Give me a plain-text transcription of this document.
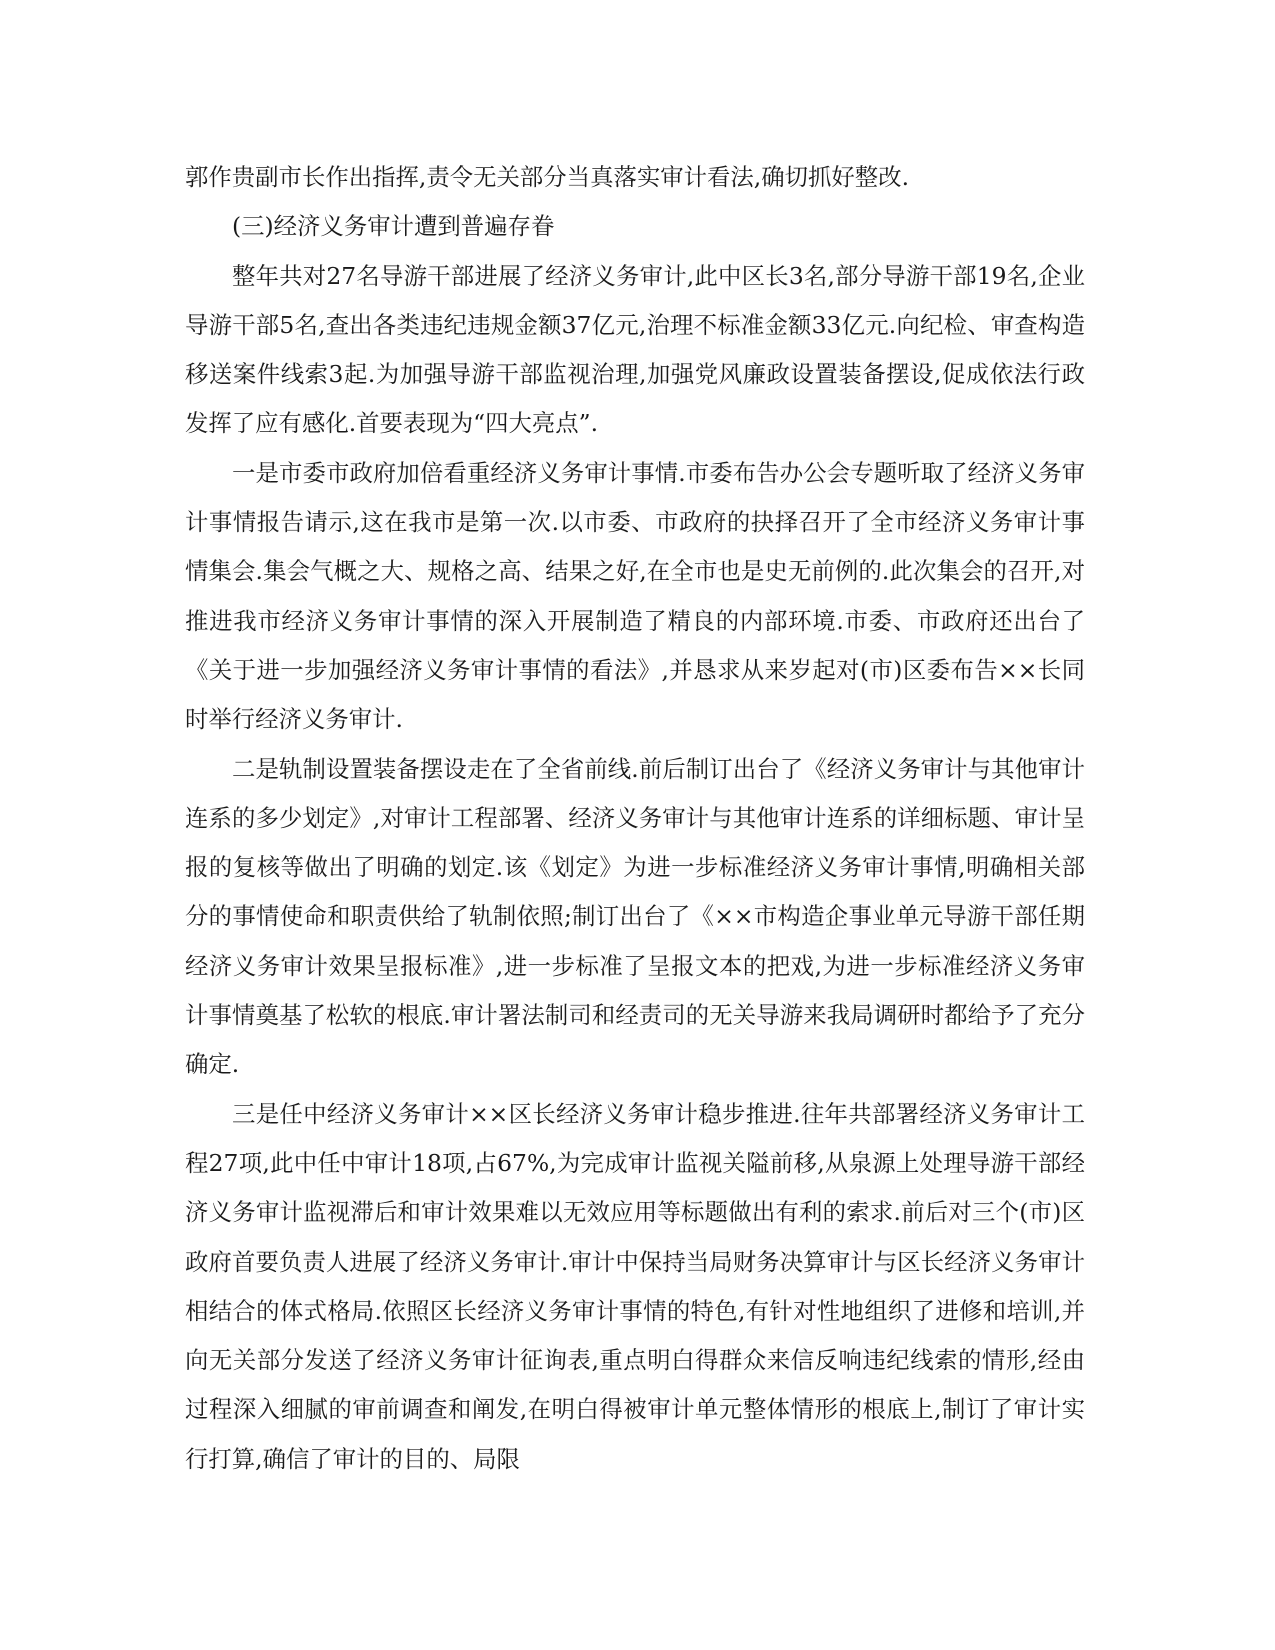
郭作贵副市长作出指挥,责令无关部分当真落实审计看法,确切抓好整改.

(三)经济义务审计遭到普遍存眷

整年共对27名导游干部进展了经济义务审计,此中区长3名,部分导游干部19名,企业导游干部5名,查出各类违纪违规金额37亿元,治理不标准金额33亿元.向纪检、审查构造移送案件线索3起.为加强导游干部监视治理,加强党风廉政设置装备摆设,促成依法行政发挥了应有感化.首要表现为“四大亮点”.

一是市委市政府加倍看重经济义务审计事情.市委布告办公会专题听取了经济义务审计事情报告请示,这在我市是第一次.以市委、市政府的抉择召开了全市经济义务审计事情集会.集会气概之大、规格之高、结果之好,在全市也是史无前例的.此次集会的召开,对推进我市经济义务审计事情的深入开展制造了精良的内部环境.市委、市政府还出台了《关于进一步加强经济义务审计事情的看法》,并恳求从来岁起对(市)区委布告××长同时举行经济义务审计.

二是轨制设置装备摆设走在了全省前线.前后制订出台了《经济义务审计与其他审计连系的多少划定》,对审计工程部署、经济义务审计与其他审计连系的详细标题、审计呈报的复核等做出了明确的划定.该《划定》为进一步标准经济义务审计事情,明确相关部分的事情使命和职责供给了轨制依照;制订出台了《××市构造企事业单元导游干部任期经济义务审计效果呈报标准》,进一步标准了呈报文本的把戏,为进一步标准经济义务审计事情奠基了松软的根底.审计署法制司和经责司的无关导游来我局调研时都给予了充分确定.

三是任中经济义务审计××区长经济义务审计稳步推进.往年共部署经济义务审计工程27项,此中任中审计18项,占67%,为完成审计监视关隘前移,从泉源上处理导游干部经济义务审计监视滞后和审计效果难以无效应用等标题做出有利的索求.前后对三个(市)区政府首要负责人进展了经济义务审计.审计中保持当局财务决算审计与区长经济义务审计相结合的体式格局.依照区长经济义务审计事情的特色,有针对性地组织了进修和培训,并向无关部分发送了经济义务审计征询表,重点明白得群众来信反响违纪线索的情形,经由过程深入细腻的审前调查和阐发,在明白得被审计单元整体情形的根底上,制订了审计实行打算,确信了审计的目的、局限
